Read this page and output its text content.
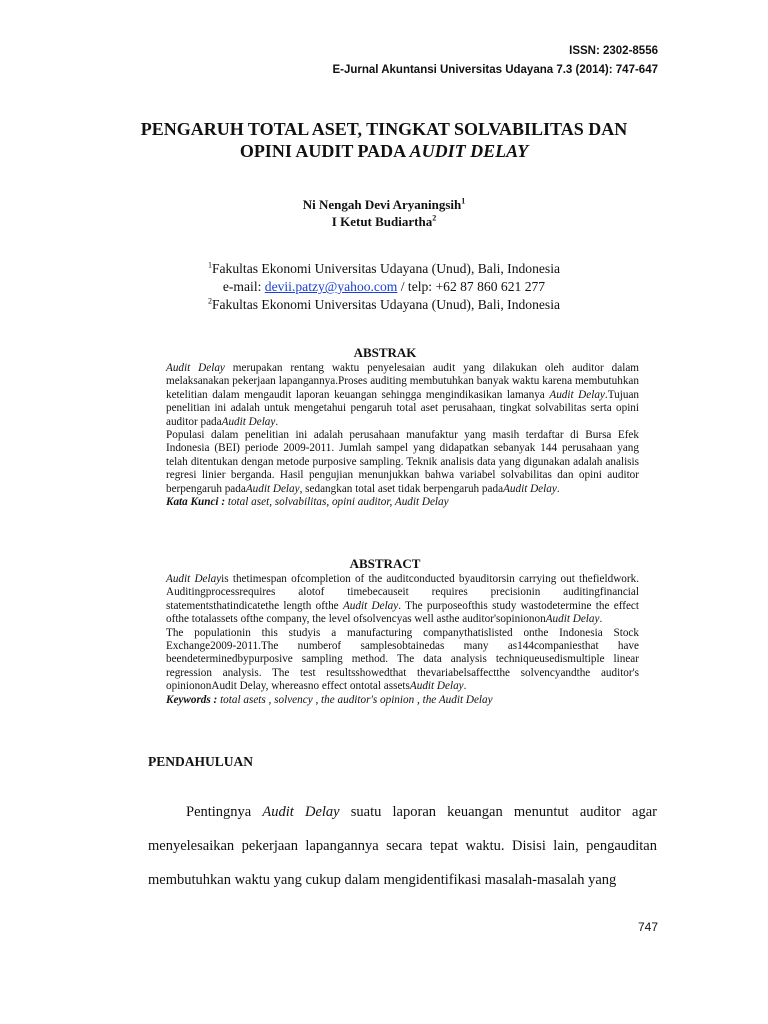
ISSN: 2302-8556
E-Jurnal Akuntansi Universitas Udayana 7.3 (2014): 747-647
PENGARUH TOTAL ASET, TINGKAT SOLVABILITAS DAN
OPINI AUDIT PADA AUDIT DELAY
Ni Nengah Devi Aryaningsih$^1$
I Ketut Budiartha$^2$
$^1$Fakultas Ekonomi Universitas Udayana (Unud), Bali, Indonesia
e-mail: devii.patzy@yahoo.com / telp: +62 87 860 621 277
$^2$Fakultas Ekonomi Universitas Udayana (Unud), Bali, Indonesia
ABSTRAK

Audit Delay merupakan rentang waktu penyelesaian audit yang dilakukan oleh auditor dalam melaksanakan pekerjaan lapangannya.Proses auditing membutuhkan banyak waktu karena membutuhkan ketelitian dalam mengaudit laporan keuangan sehingga mengindikasikan lamanya Audit Delay.Tujuan penelitian ini adalah untuk mengetahui pengaruh total aset perusahaan, tingkat solvabilitas serta opini auditor padaAudit Delay.

Populasi dalam penelitian ini adalah perusahaan manufaktur yang masih terdaftar di Bursa Efek Indonesia (BEI) periode 2009-2011. Jumlah sampel yang didapatkan sebanyak 144 perusahaan yang telah ditentukan dengan metode purposive sampling. Teknik analisis data yang digunakan adalah analisis regresi linier berganda. Hasil pengujian menunjukkan bahwa variabel solvabilitas dan opini auditor berpengaruh padaAudit Delay, sedangkan total aset tidak berpengaruh padaAudit Delay.

Kata Kunci : total aset, solvabilitas, opini auditor, Audit Delay

ABSTRACT

Audit Delayis thetimespan ofcompletion of the auditconducted byauditorsin carrying out thefieldwork. Auditingprocessrequires alotof timebecauseit requires precisionin auditingfinancial statementsthatindicatethe length ofthe Audit Delay. The purposeofthis study wastodetermine the effect ofthe totalassets ofthe company, the level ofsolvencyas well asthe auditor'sopiniononAudit Delay.

The populationin this studyis a manufacturing companythatislisted onthe Indonesia Stock Exchange2009-2011.The numberof samplesobtainedas many as144companiesthat have beendeterminedbypurposive sampling method. The data analysis techniqueusedismultiple linear regression analysis. The test resultsshowedthat thevariabelsaffectthe solvencyandthe auditor's opiniononAudit Delay, whereasno effect ontotal assetsAudit Delay.

Keywords : total asets , solvency , the auditor's opinion , the Audit Delay

PENDAHULUAN

Pentingnya Audit Delay suatu laporan keuangan menuntut auditor agar menyelesaikan pekerjaan lapangannya secara tepat waktu. Disisi lain, pengauditan membutuhkan waktu yang cukup dalam mengidentifikasi masalah-masalah yang

747
